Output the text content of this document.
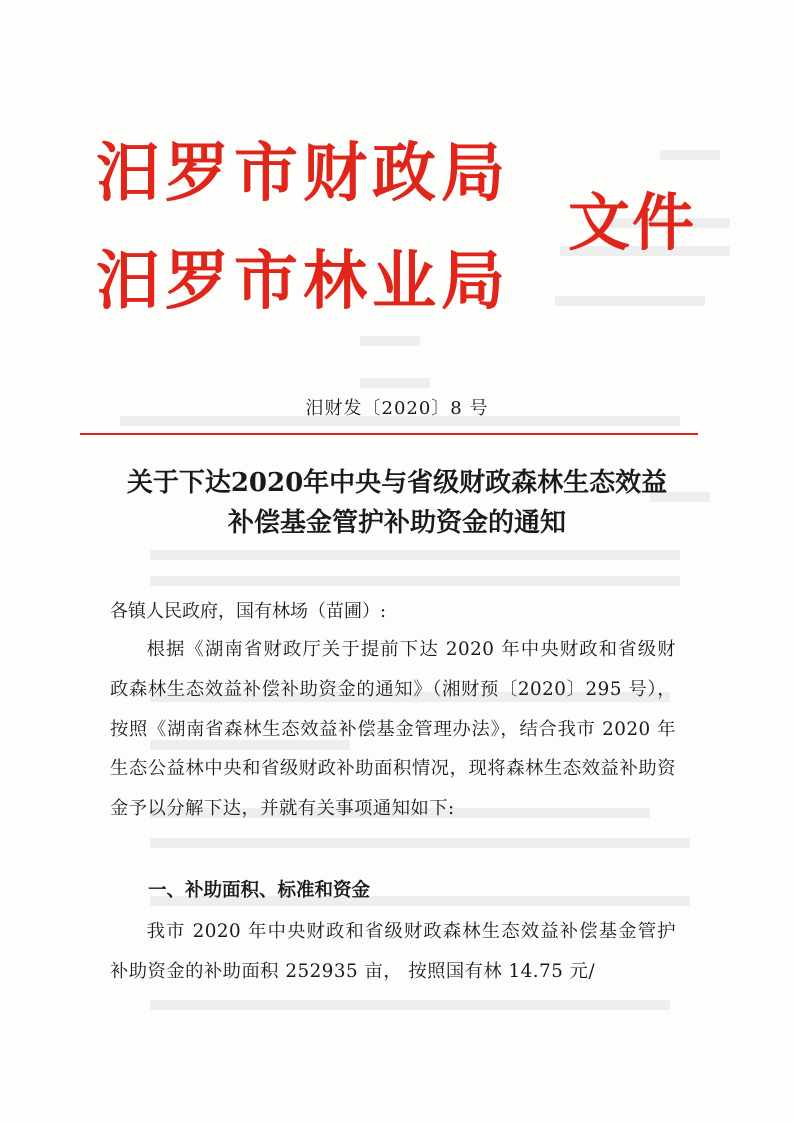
汨罗市财政局
汨罗市林业局
文件
汨财发〔2020〕8 号
关于下达2020年中央与省级财政森林生态效益
补偿基金管护补助资金的通知
各镇人民政府，国有林场（苗圃）:
根据《湖南省财政厅关于提前下达 2020 年中央财政和省级财政森林生态效益补偿补助资金的通知》（湘财预〔2020〕295 号），按照《湖南省森林生态效益补偿基金管理办法》，结合我市 2020 年生态公益林中央和省级财政补助面积情况，现将森林生态效益补助资金予以分解下达，并就有关事项通知如下:
一、补助面积、标准和资金
我市 2020 年中央财政和省级财政森林生态效益补偿基金管护补助资金的补助面积 252935 亩， 按照国有林 14.75 元/
